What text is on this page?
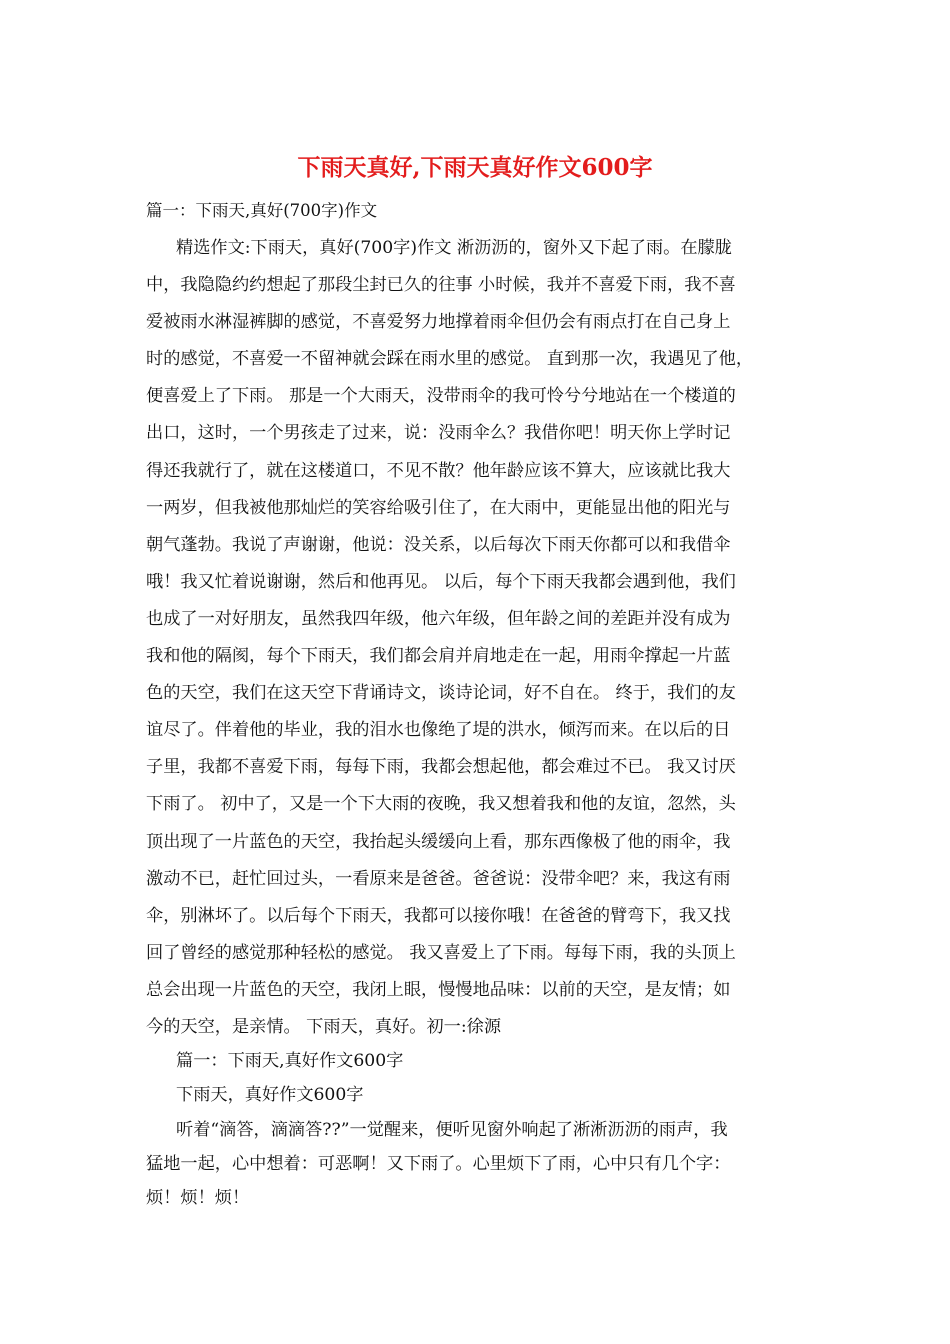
下雨天真好,下雨天真好作文600字

篇一：下雨天,真好(700字)作文

精选作文:下雨天，真好(700字)作文 淅沥沥的，窗外又下起了雨。在朦胧
中，我隐隐约约想起了那段尘封已久的往事 小时候，我并不喜爱下雨，我不喜
爱被雨水淋湿裤脚的感觉，不喜爱努力地撑着雨伞但仍会有雨点打在自己身上
时的感觉，不喜爱一不留神就会踩在雨水里的感觉。 直到那一次，我遇见了他，
便喜爱上了下雨。 那是一个大雨天，没带雨伞的我可怜兮兮地站在一个楼道的
出口，这时，一个男孩走了过来，说：没雨伞么？我借你吧！明天你上学时记
得还我就行了，就在这楼道口，不见不散？他年龄应该不算大，应该就比我大
一两岁，但我被他那灿烂的笑容给吸引住了，在大雨中，更能显出他的阳光与
朝气蓬勃。我说了声谢谢，他说：没关系，以后每次下雨天你都可以和我借伞
哦！我又忙着说谢谢，然后和他再见。 以后，每个下雨天我都会遇到他，我们
也成了一对好朋友，虽然我四年级，他六年级，但年龄之间的差距并没有成为
我和他的隔阂，每个下雨天，我们都会肩并肩地走在一起，用雨伞撑起一片蓝
色的天空，我们在这天空下背诵诗文，谈诗论词，好不自在。 终于，我们的友
谊尽了。伴着他的毕业，我的泪水也像绝了堤的洪水，倾泻而来。在以后的日
子里，我都不喜爱下雨，每每下雨，我都会想起他，都会难过不已。 我又讨厌
下雨了。 初中了，又是一个下大雨的夜晚，我又想着我和他的友谊，忽然，头
顶出现了一片蓝色的天空，我抬起头缓缓向上看，那东西像极了他的雨伞，我
激动不已，赶忙回过头，一看原来是爸爸。爸爸说：没带伞吧？来，我这有雨
伞，别淋坏了。以后每个下雨天，我都可以接你哦！在爸爸的臂弯下，我又找
回了曾经的感觉那种轻松的感觉。 我又喜爱上了下雨。每每下雨，我的头顶上
总会出现一片蓝色的天空，我闭上眼，慢慢地品味：以前的天空，是友情；如
今的天空，是亲情。 下雨天，真好。初一:徐源
篇一：下雨天,真好作文600字
下雨天，真好作文600字
听着“滴答，滴滴答??”一觉醒来，便听见窗外响起了淅淅沥沥的雨声，我
猛地一起，心中想着：可恶啊！又下雨了。心里烦下了雨，心中只有几个字：
烦！烦！烦！
